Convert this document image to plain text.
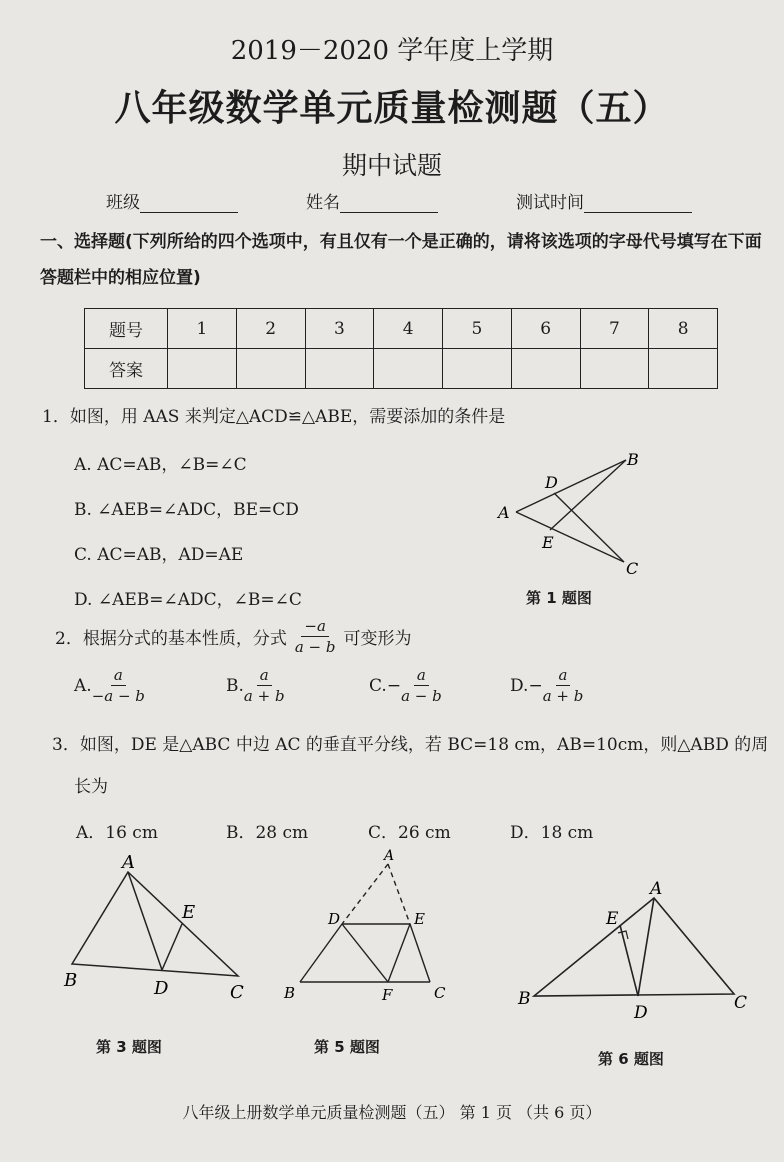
2019－2020 学年度上学期
八年级数学单元质量检测题（五）
期中试题
班级	姓名	测试时间
一、选择题(下列所给的四个选项中，有且仅有一个是正确的，请将该选项的字母代号填写在下面答题栏中的相应位置)
题号	1	2	3	4	5	6	7	8
答案								
1．如图，用 AAS 来判定△ACD≌△ABE，需要添加的条件是
A. AC=AB，∠B=∠C
B. ∠AEB=∠ADC，BE=CD
C. AC=AB，AD=AE
D. ∠AEB=∠ADC，∠B=∠C
A
B
C
D
E
第 1 题图
2．根据分式的基本性质，分式 $\frac{-a}{a - b}$ 可变形为
A. $\frac{a}{-a - b}$	B. $\frac{a}{a + b}$	C. − $\frac{a}{a - b}$	D. − $\frac{a}{a + b}$
3．如图，DE 是△ABC 中边 AC 的垂直平分线，若 BC=18 cm，AB=10cm，则△ABD 的周
长为
A．16 cm	B．28 cm	C．26 cm	D．18 cm
A
B
C
D
E
第 3 题图
A
D	E
B	F	C
第 5 题图
A
B	C
D
E
第 6 题图
八年级上册数学单元质量检测题（五） 第 1 页 （共 6 页）
